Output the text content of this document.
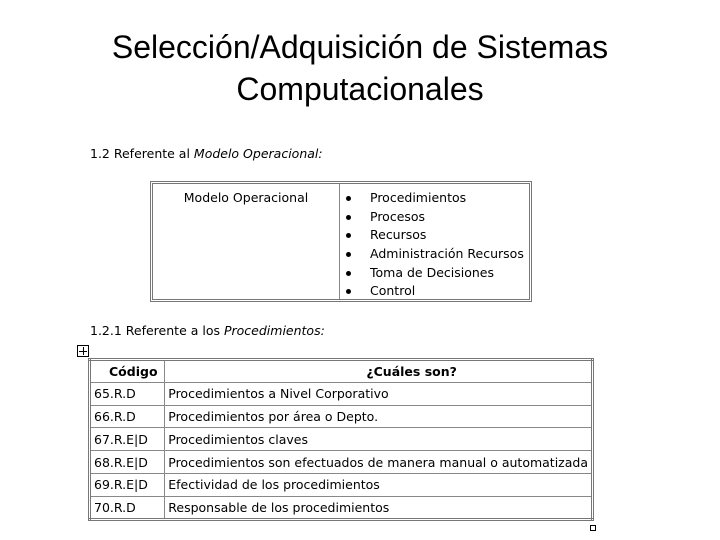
Selección/Adquisición de Sistemas
Computacionales
1.2 Referente al Modelo Operacional:
Modelo Operacional	Procedimientos
Procesos
Recursos
Administración Recursos
Toma de Decisiones
Control
1.2.1 Referente a los Procedimientos:
Código	¿Cuáles son?
65.R.D	Procedimientos a Nivel Corporativo
66.R.D	Procedimientos por área o Depto.
67.R.E|D	Procedimientos claves
68.R.E|D	Procedimientos son efectuados de manera manual o automatizada
69.R.E|D	Efectividad de los procedimientos
70.R.D	Responsable de los procedimientos
